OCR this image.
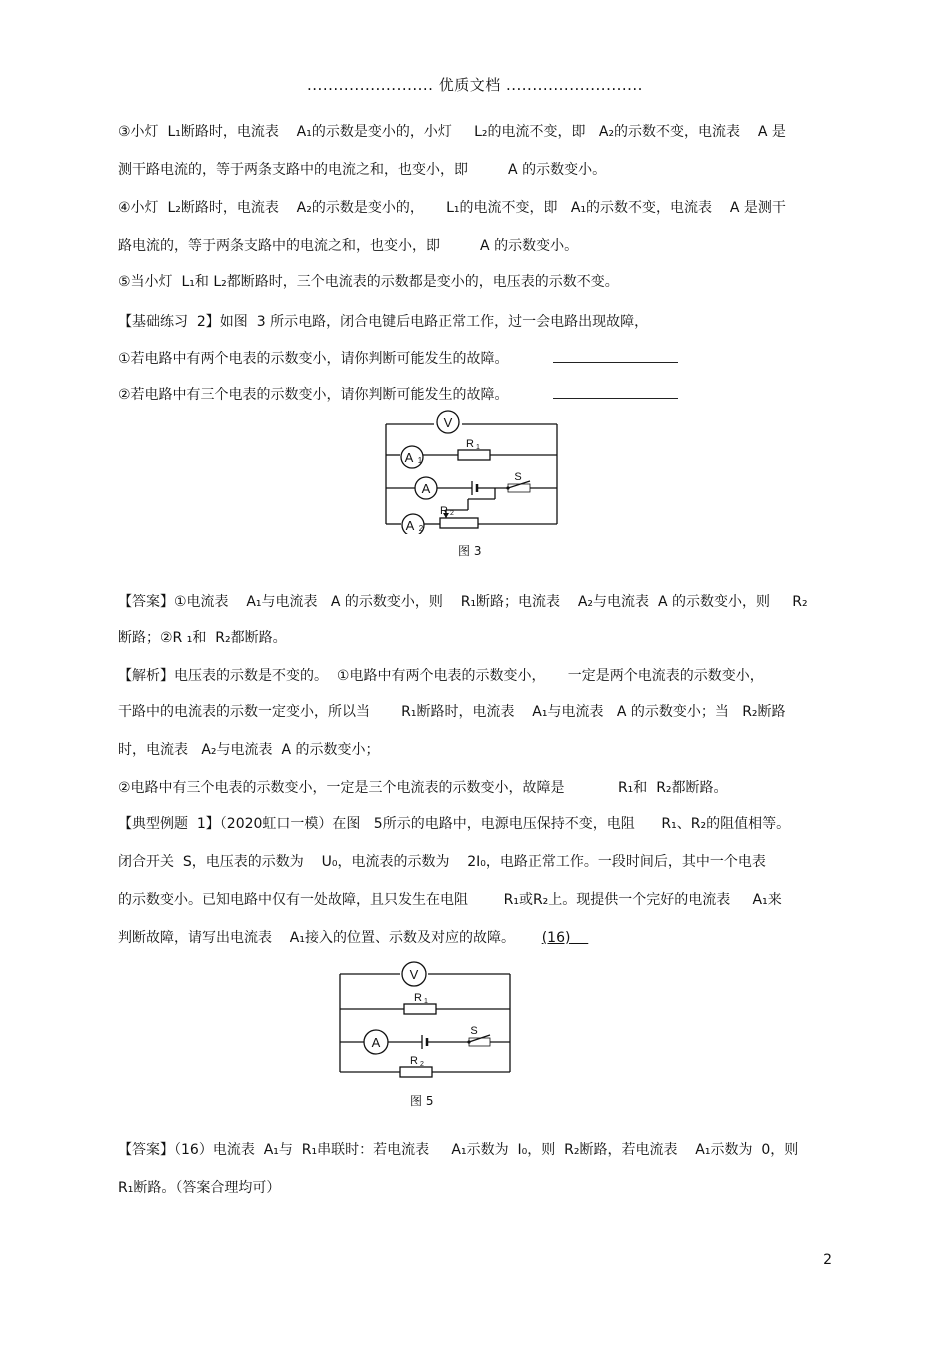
........................ 优质文档 ..........................
③小灯  L₁断路时，电流表    A₁的示数是变小的，小灯     L₂的电流不变，即   A₂的示数不变，电流表    A 是
测干路电流的，等于两条支路中的电流之和，也变小，即         A 的示数变小。
④小灯  L₂断路时，电流表    A₂的示数是变小的，     L₁的电流不变，即   A₁的示数不变，电流表    A 是测干
路电流的，等于两条支路中的电流之和，也变小，即         A 的示数变小。
⑤当小灯  L₁和 L₂都断路时，三个电流表的示数都是变小的，电压表的示数不变。
【基础练习  2】如图  3 所示电路，闭合电键后电路正常工作，过一会电路出现故障，
①若电路中有两个电表的示数变小，请你判断可能发生的故障。
②若电路中有三个电表的示数变小，请你判断可能发生的故障。
V
A 1
R 1
A
S
A 2
R 2
图 3
【答案】①电流表    A₁与电流表   A 的示数变小，则    R₁断路；电流表    A₂与电流表  A 的示数变小，则     R₂
断路；②R ₁和  R₂都断路。
【解析】电压表的示数是不变的。  ①电路中有两个电表的示数变小，     一定是两个电流表的示数变小，
干路中的电流表的示数一定变小，所以当       R₁断路时，电流表    A₁与电流表   A 的示数变小；当   R₂断路
时，电流表   A₂与电流表  A 的示数变小；
②电路中有三个电表的示数变小，一定是三个电流表的示数变小，故障是            R₁和  R₂都断路。
【典型例题  1】（2020虹口一模）在图   5所示的电路中，电源电压保持不变，电阻      R₁、R₂的阻值相等。
闭合开关  S，电压表的示数为    U₀，电流表的示数为    2I₀，电路正常工作。一段时间后，其中一个电表
的示数变小。已知电路中仅有一处故障，且只发生在电阻        R₁或R₂上。现提供一个完好的电流表     A₁来
判断故障，请写出电流表    A₁接入的位置、示数及对应的故障。 (16)
V
R 1
A
S
R 2
图 5
【答案】（16）电流表  A₁与  R₁串联时：若电流表     A₁示数为  I₀，则  R₂断路，若电流表    A₁示数为  0，则
R₁断路。（答案合理均可）
2
